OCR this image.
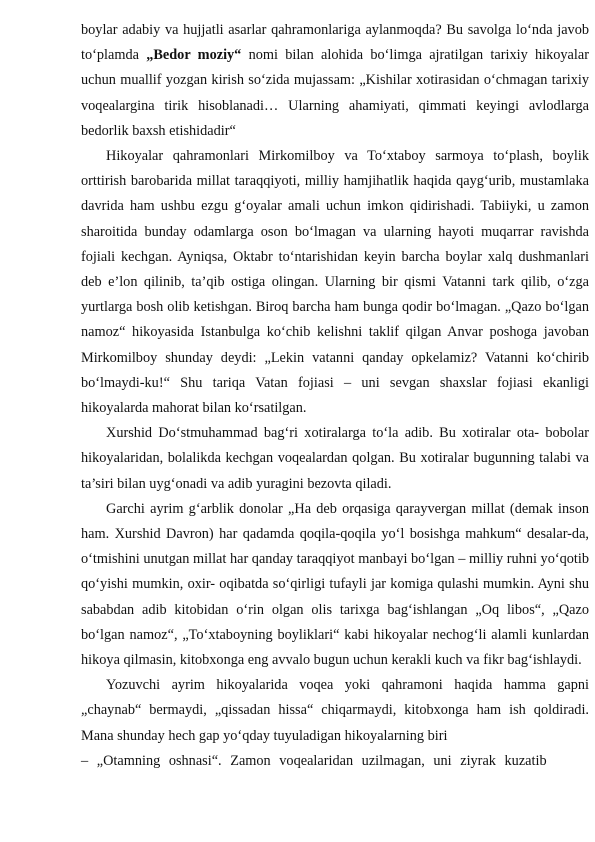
boylar adabiy va hujjatli asarlar qahramonlariga aylanmoqda? Bu savolga lo‘nda javob to‘plamda „Bedor moziy“ nomi bilan alohida bo‘limga ajratilgan tarixiy hikoyalar uchun muallif yozgan kirish so‘zida mujassam: „Kishilar xotirasidan o‘chmagan tarixiy voqealargina tirik hisoblanadi… Ularning ahamiyati, qimmati keyingi avlodlarga bedorlik baxsh etishidadir“

Hikoyalar qahramonlari Mirkomilboy va To‘xtaboy sarmoya to‘plash, boylik orttirish barobarida millat taraqqiyoti, milliy hamjihatlik haqida qayg‘urib, mustamlaka davrida ham ushbu ezgu g‘oyalar amali uchun imkon qidirishadi. Tabiiyki, u zamon sharoitida bunday odamlarga oson bo‘lmagan va ularning hayoti muqarrar ravishda fojiali kechgan. Ayniqsa, Oktabr to‘ntarishidan keyin barcha boylar xalq dushmanlari deb e’lon qilinib, ta’qib ostiga olingan. Ularning bir qismi Vatanni tark qilib, o‘zga yurtlarga bosh olib ketishgan. Biroq barcha ham bunga qodir bo‘lmagan. „Qazo bo‘lgan namoz“ hikoyasida Istanbulga ko‘chib kelishni taklif qilgan Anvar poshoga javoban Mirkomilboy shunday deydi: „Lekin vatanni qanday opkelamiz? Vatanni ko‘chirib bo‘lmaydi-ku!“ Shu tariqa Vatan fojiasi – uni sevgan shaxslar fojiasi ekanligi hikoyalarda mahorat bilan ko‘rsatilgan.

Xurshid Do‘stmuhammad bag‘ri xotiralarga to‘la adib. Bu xotiralar ota- bobolar hikoyalaridan, bolalikda kechgan voqealardan qolgan. Bu xotiralar bugunning talabi va ta’siri bilan uyg‘onadi va adib yuragini bezovta qiladi.

Garchi ayrim g‘arblik donolar „Ha deb orqasiga qarayvergan millat (demak inson ham. Xurshid Davron) har qadamda qoqila-qoqila yo‘l bosishga mahkum“ desalar-da, o‘tmishini unutgan millat har qanday taraqqiyot manbayi bo‘lgan – milliy ruhni yo‘qotib qo‘yishi mumkin, oxir- oqibatda so‘qirligi tufayli jar komiga qulashi mumkin. Ayni shu sababdan adib kitobidan o‘rin olgan olis tarixga bag‘ishlangan „Oq libos“, „Qazo bo‘lgan namoz“, „To‘xtaboyning boyliklari“ kabi hikoyalar nechog‘li alamli kunlardan hikoya qilmasin, kitobxonga eng avvalo bugun uchun kerakli kuch va fikr bag‘ishlaydi.

Yozuvchi ayrim hikoyalarida voqea yoki qahramoni haqida hamma gapni „chaynab“ bermaydi, „qissadan hissa“ chiqarmaydi, kitobxonga ham ish qoldiradi. Mana shunday hech gap yo‘qday tuyuladigan hikoyalarning biri

– „Otamning oshnasi“. Zamon voqealaridan uzilmagan, uni ziyrak kuzatib
